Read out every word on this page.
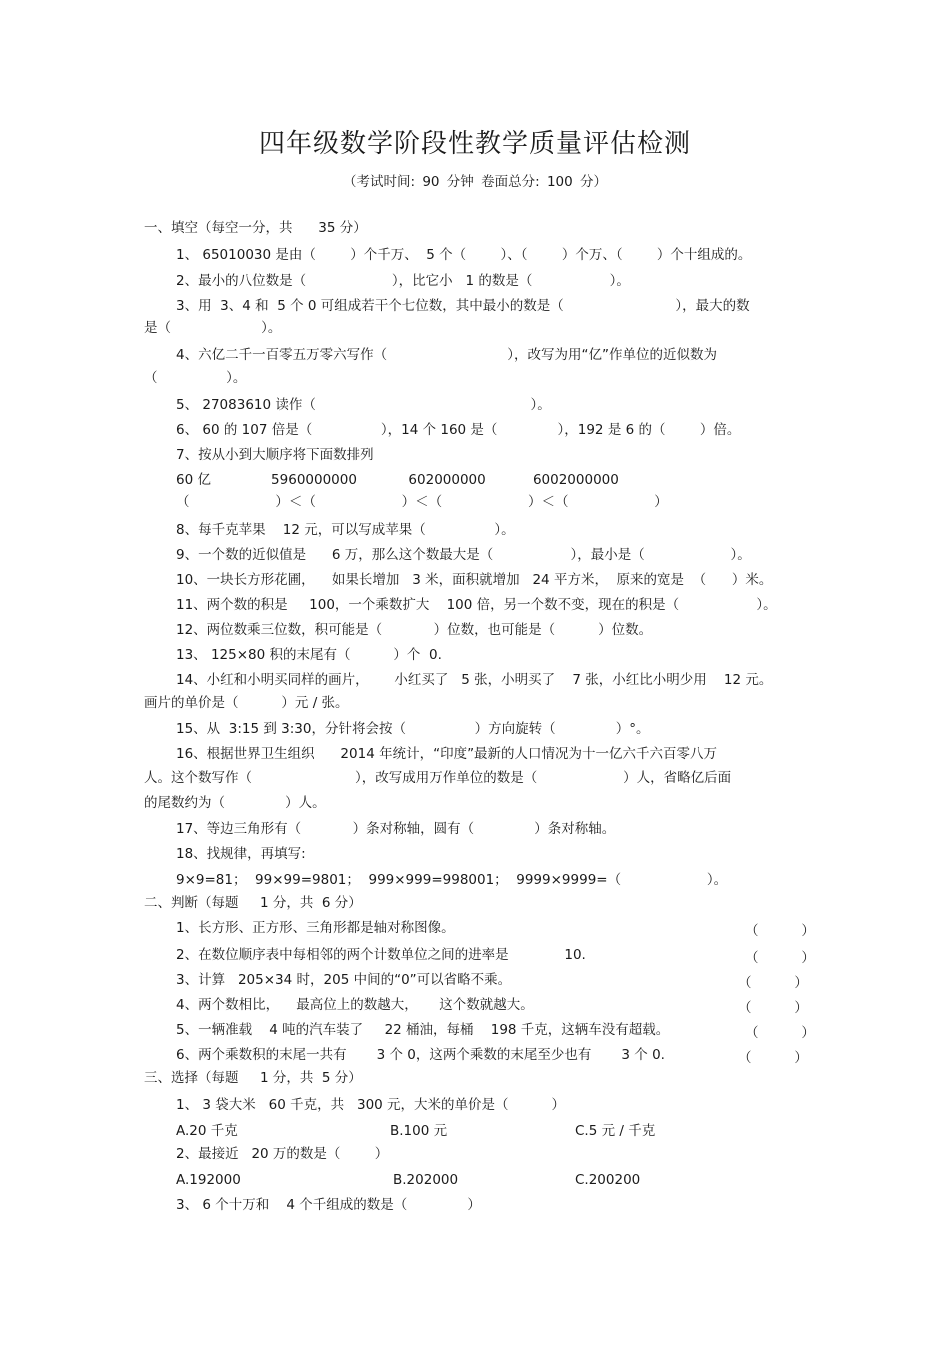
四年级数学阶段性教学质量评估检测
（考试时间: 90 分钟 卷面总分: 100 分）
一、填空（每空一分，共      35 分）
1、 65010030 是由（        ）个千万、  5 个（        ）、（        ）个万、（        ）个十组成的。
2、最小的八位数是（                    ），比它小   1 的数是（                  ）。
3、用  3、4 和  5 个 0 可组成若干个七位数，其中最小的数是（                          ），最大的数
是（                     ）。
4、六亿二千一百零五万零六写作（                            ），改写为用“亿”作单位的近似数为
（                ）。
5、 27083610 读作（                                                  ）。
6、 60 的 107 倍是（                ），14 个 160 是（              ），192 是 6 的（        ）倍。
7、按从小到大顺序将下面数排列
60 亿              5960000000            602000000           6002000000
（                    ）＜（                    ）＜（                    ）＜（                    ）
8、每千克苹果    12 元，可以写成苹果（                ）。
9、一个数的近似值是      6 万，那么这个数最大是（                  ），最小是（                    ）。
10、一块长方形花圃，    如果长增加   3 米，面积就增加   24 平方米，  原来的宽是  （      ）米。
11、两个数的积是     100，一个乘数扩大    100 倍，另一个数不变，现在的积是（                  ）。
12、两位数乘三位数，积可能是（            ）位数，也可能是（          ）位数。
13、 125×80 积的末尾有（          ）个  0.
14、小红和小明买同样的画片，      小红买了   5 张，小明买了    7 张，小红比小明少用    12 元。
画片的单价是（          ）元 / 张。
15、从  3:15 到 3:30，分针将会按（                ）方向旋转（              ）°。
16、根据世界卫生组织      2014 年统计，“印度”最新的人口情况为十一亿六千六百零八万
人。这个数写作（                        ），改写成用万作单位的数是（                    ）人，省略亿后面
的尾数约为（              ）人。
17、等边三角形有（            ）条对称轴，圆有（              ）条对称轴。
18、找规律，再填写:
9×9=81；  99×99=9801；  999×999=998001；  9999×9999=（                    ）。
二、判断（每题     1 分，共  6 分）
1、长方形、正方形、三角形都是轴对称图像。	（          ）
2、在数位顺序表中每相邻的两个计数单位之间的进率是             10.	（          ）
3、计算   205×34 时，205 中间的“0”可以省略不乘。	（          ）
4、两个数相比，    最高位上的数越大，     这个数就越大。	（          ）
5、一辆准载    4 吨的汽车装了     22 桶油，每桶    198 千克，这辆车没有超载。	（          ）
6、两个乘数积的末尾一共有       3 个 0，这两个乘数的末尾至少也有       3 个 0.	（          ）
三、选择（每题     1 分，共  5 分）
1、 3 袋大米   60 千克，共   300 元，大米的单价是（          ）
A.20 千克	B.100 元	C.5 元 / 千克
2、最接近   20 万的数是（        ）
A.192000	B.202000	C.200200
3、 6 个十万和    4 个千组成的数是（              ）
